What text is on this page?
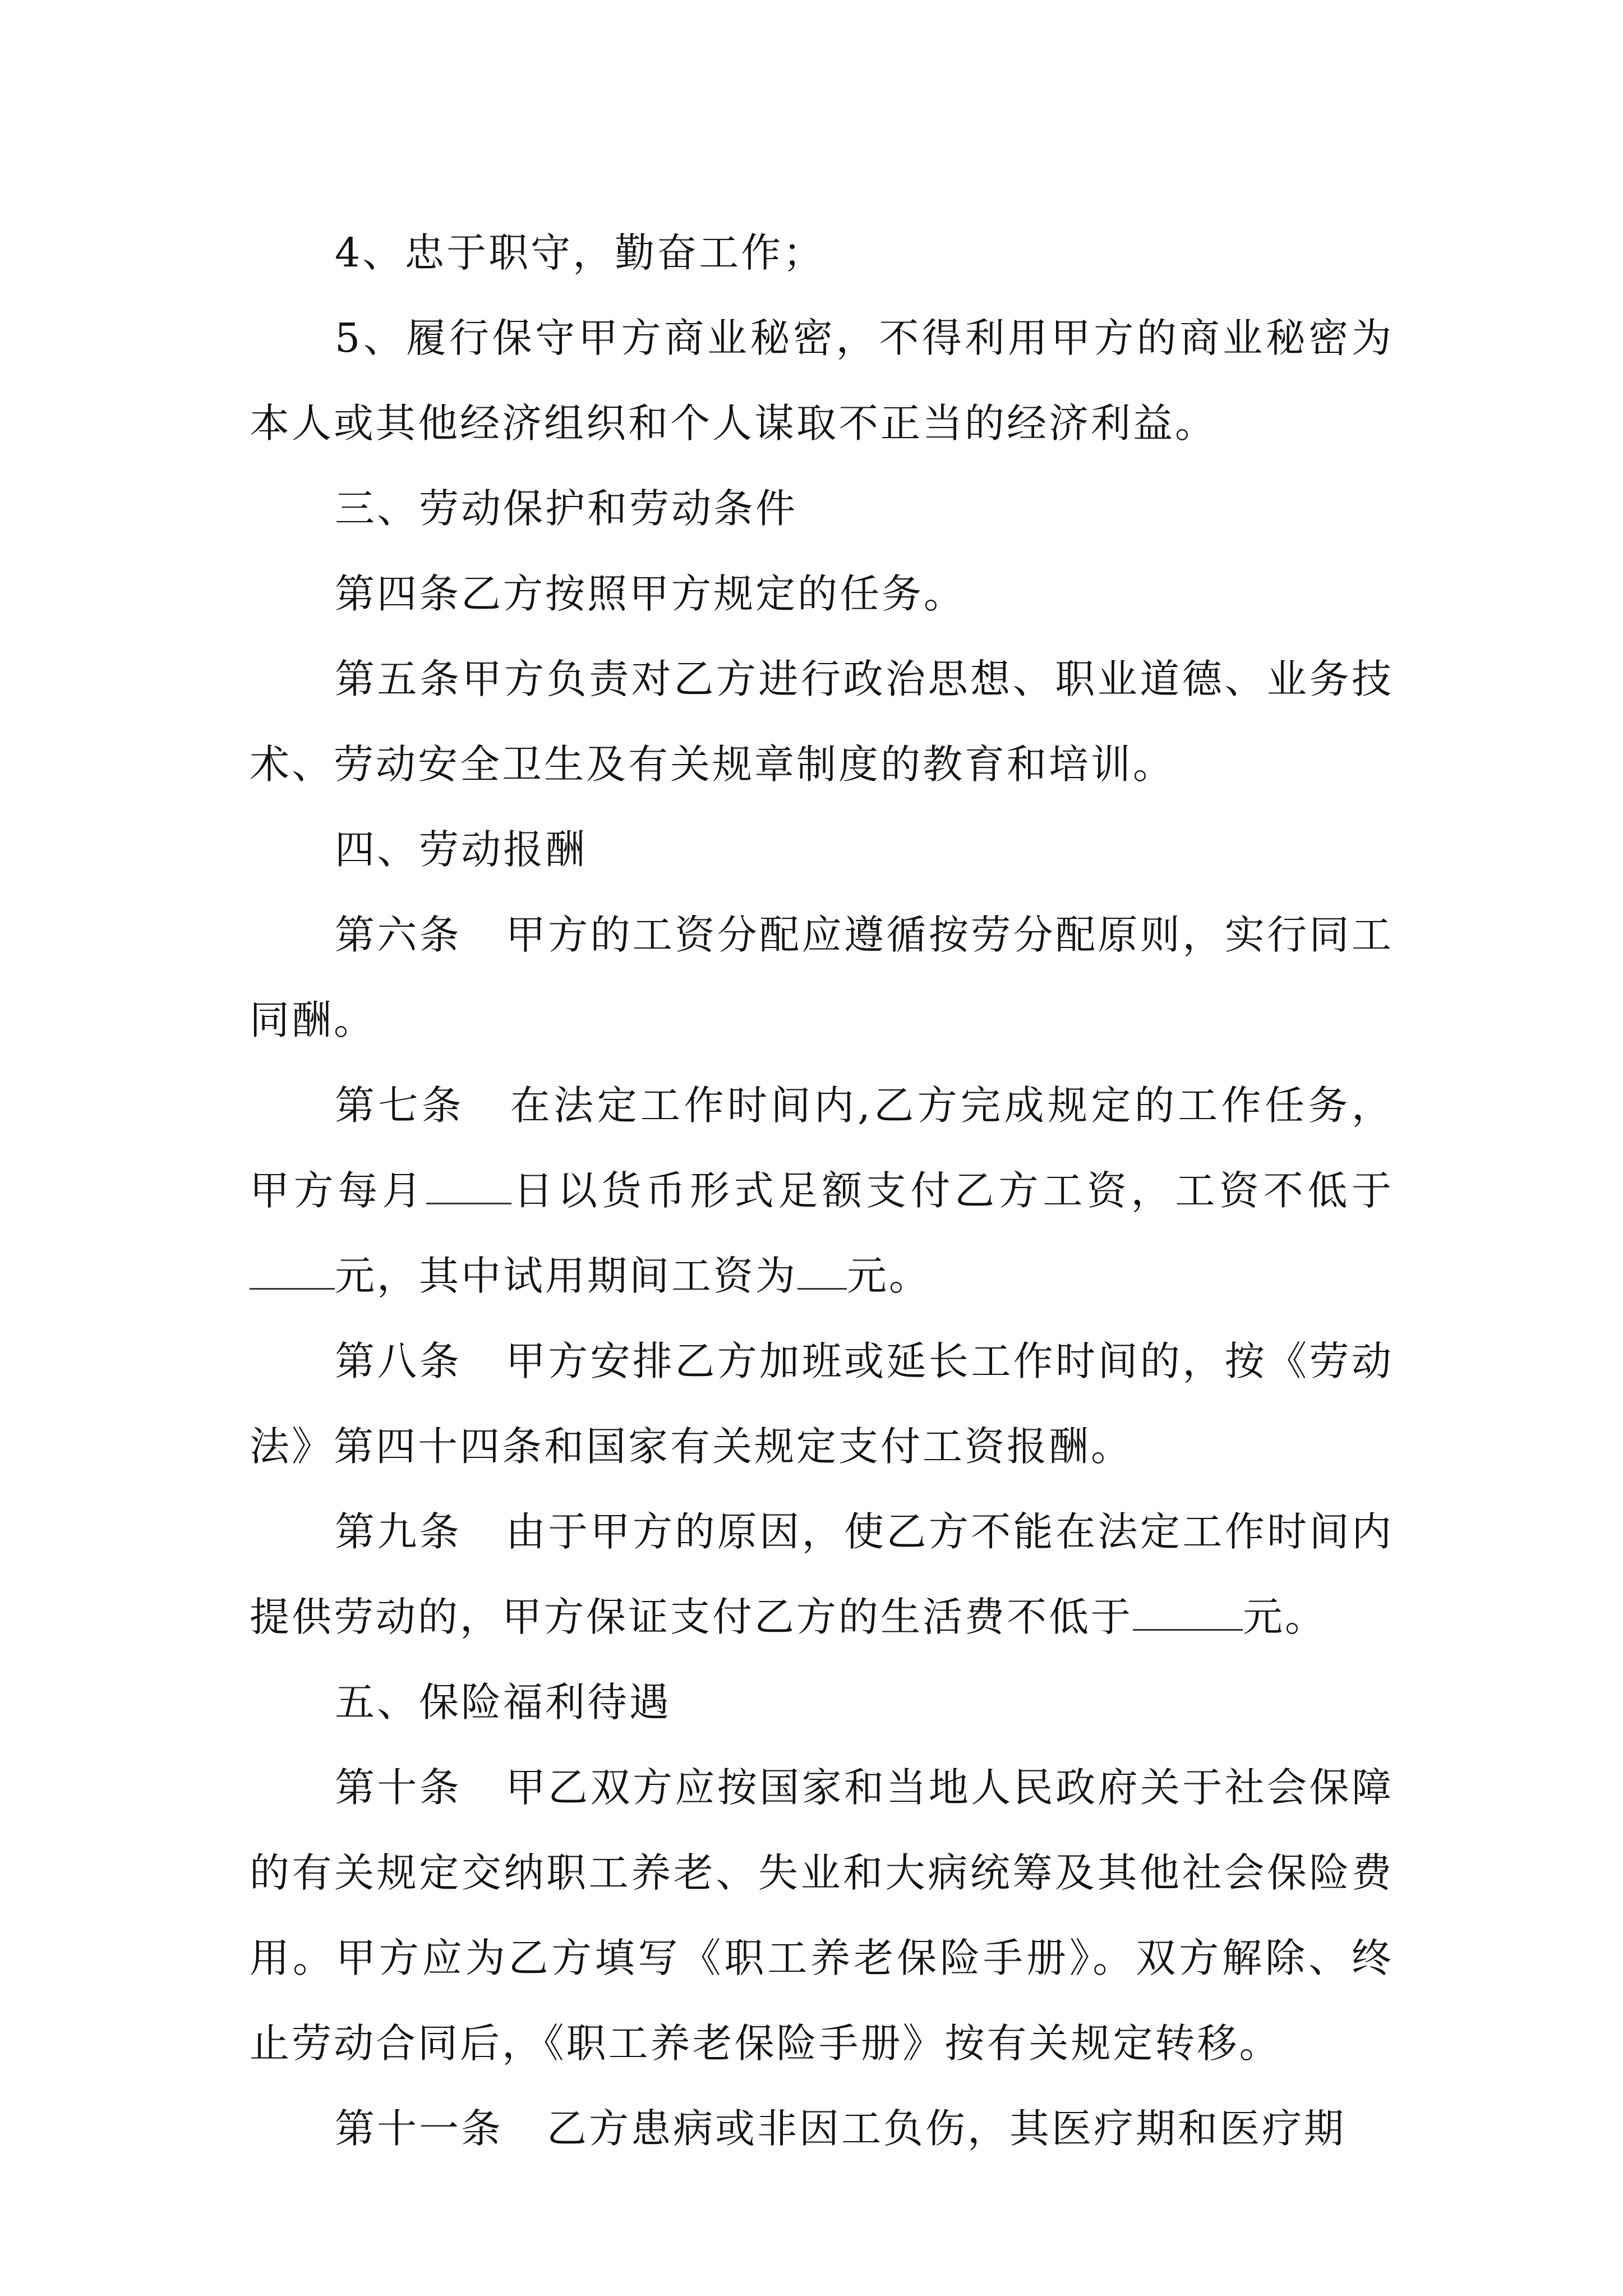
4、忠于职守，勤奋工作；

5、履行保守甲方商业秘密，不得利用甲方的商业秘密为本人或其他经济组织和个人谋取不正当的经济利益。

三、劳动保护和劳动条件

第四条乙方按照甲方规定的任务。

第五条甲方负责对乙方进行政治思想、职业道德、业务技术、劳动安全卫生及有关规章制度的教育和培训。

四、劳动报酬

第六条 甲方的工资分配应遵循按劳分配原则，实行同工同酬。

第七条 在法定工作时间内,乙方完成规定的工作任务，甲方每月 日以货币形式足额支付乙方工资，工资不低于元，其中试用期间工资为 元。

第八条 甲方安排乙方加班或延长工作时间的，按《劳动法》第四十四条和国家有关规定支付工资报酬。

第九条 由于甲方的原因，使乙方不能在法定工作时间内提供劳动的，甲方保证支付乙方的生活费不低于	元。

五、保险福利待遇

第十条 甲乙双方应按国家和当地人民政府关于社会保障的有关规定交纳职工养老、失业和大病统筹及其他社会保险费用。甲方应为乙方填写《职工养老保险手册》。双方解除、终止劳动合同后，《职工养老保险手册》按有关规定转移。

第十一条 乙方患病或非因工负伤，其医疗期和医疗期
